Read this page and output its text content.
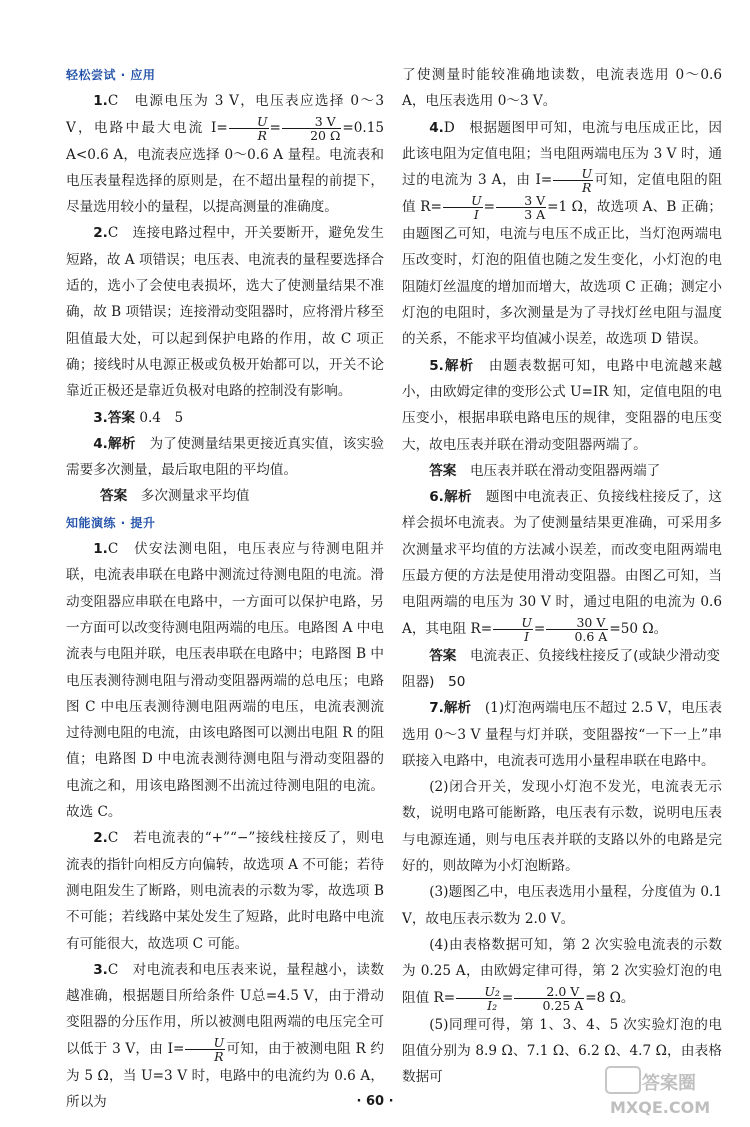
轻松尝试 · 应用

1.C　电源电压为 3 V，电压表应选择 0～3 V，电路中最大电流 $I= \frac{U}{R} = \frac{3 V}{20 \Omega} =0.15$ A<0.6 A，电流表应选择 0～0.6 A 量程。电流表和电压表量程选择的原则是，在不超出量程的前提下，尽量选用较小的量程，以提高测量的准确度。

2.C　连接电路过程中，开关要断开，避免发生短路，故 A 项错误；电压表、电流表的量程要选择合适的，选小了会使电表损坏，选大了使测量结果不准确，故 B 项错误；连接滑动变阻器时，应将滑片移至阻值最大处，可以起到保护电路的作用，故 C 项正确；接线时从电源正极或负极开始都可以，开关不论靠近正极还是靠近负极对电路的控制没有影响。

3.答案 0.4　5

4.解析　 为了使测量结果更接近真实值，该实验需要多次测量，最后取电阻的平均值。

答案　 多次测量求平均值

知能演练 · 提升

1.C　伏安法测电阻，电压表应与待测电阻并联，电流表串联在电路中测流过待测电阻的电流。滑动变阻器应串联在电路中，一方面可以保护电路，另一方面可以改变待测电阻两端的电压。电路图 A 中电流表与电阻并联，电压表串联在电路中；电路图 B 中电压表测待测电阻与滑动变阻器两端的总电压；电路图 C 中电压表测待测电阻两端的电压，电流表测流过待测电阻的电流，由该电路图可以测出电阻 R 的阻值；电路图 D 中电流表测待测电阻与滑动变阻器的电流之和，用该电路图测不出流过待测电阻的电流。故选 C。

2.C　若电流表的“+”“−”接线柱接反了，则电流表的指针向相反方向偏转，故选项 A 不可能；若待测电阻发生了断路，则电流表的示数为零，故选项 B 不可能；若线路中某处发生了短路，此时电路中电流有可能很大，故选项 C 可能。

3.C　对电流表和电压表来说，量程越小，读数越准确，根据题目所给条件 U总=4.5 V，由于滑动变阻器的分压作用，所以被测电阻两端的电压完全可以低于 3 V，由 $I= \frac{U}{R}$ 可知，由于被测电阻 R 约为 5 Ω，当 U=3 V 时，电路中的电流约为 0.6 A，所以为

了使测量时能较准确地读数，电流表选用 0～0.6 A，电压表选用 0～3 V。

4.D　根据题图甲可知，电流与电压成正比，因此该电阻为定值电阻；当电阻两端电压为 3 V 时，通过的电流为 3 A，由 $I= \frac{U}{R}$ 可知，定值电阻的阻值 $R= \frac{U}{I} = \frac{3 V}{3 A} =1$ Ω，故选项 A、B 正确；由题图乙可知，电流与电压不成正比，当灯泡两端电压改变时，灯泡的阻值也随之发生变化，小灯泡的电阻随灯丝温度的增加而增大，故选项 C 正确；测定小灯泡的电阻时，多次测量是为了寻找灯丝电阻与温度的关系，不能求平均值减小误差，故选项 D 错误。

5.解析　 由题表数据可知，电路中电流越来越小，由欧姆定律的变形公式 U=IR 知，定值电阻的电压变小，根据串联电路电压的规律，变阻器的电压变大，故电压表并联在滑动变阻器两端了。

答案　 电压表并联在滑动变阻器两端了

6.解析　 题图中电流表正、负接线柱接反了，这样会损坏电流表。为了使测量结果更准确，可采用多次测量求平均值的方法减小误差，而改变电阻两端电压最方便的方法是使用滑动变阻器。由图乙可知，当电阻两端的电压为 30 V 时，通过电阻的电流为 0.6 A，其电阻 $R= \frac{U}{I} = \frac{30 V}{0.6 A} =50$ Ω。

答案　 电流表正、负接线柱接反了(或缺少滑动变阻器)　50

7.解析　 (1)灯泡两端电压不超过 2.5 V，电压表选用 0～3 V 量程与灯并联，变阻器按“一下一上”串联接入电路中，电流表可选用小量程串联在电路中。

(2)闭合开关，发现小灯泡不发光，电流表无示数，说明电路可能断路，电压表有示数，说明电压表与电源连通，则与电压表并联的支路以外的电路是完好的，则故障为小灯泡断路。

(3)题图乙中，电压表选用小量程，分度值为 0.1 V，故电压表示数为 2.0 V。

(4)由表格数据可知，第 2 次实验电流表的示数为 0.25 A，由欧姆定律可得，第 2 次实验灯泡的电阻值 $R= \frac{\text{U₂}}{\text{I₂}} = \frac{2.0 V}{0.25 A} =8$ Ω。

(5)同理可得，第 1、3、4、5 次实验灯泡的电阻值分别为 8.9 Ω、7.1 Ω、6.2 Ω、4.7 Ω，由表格数据可

· 60 ·
答案圈
MXQE.COM
